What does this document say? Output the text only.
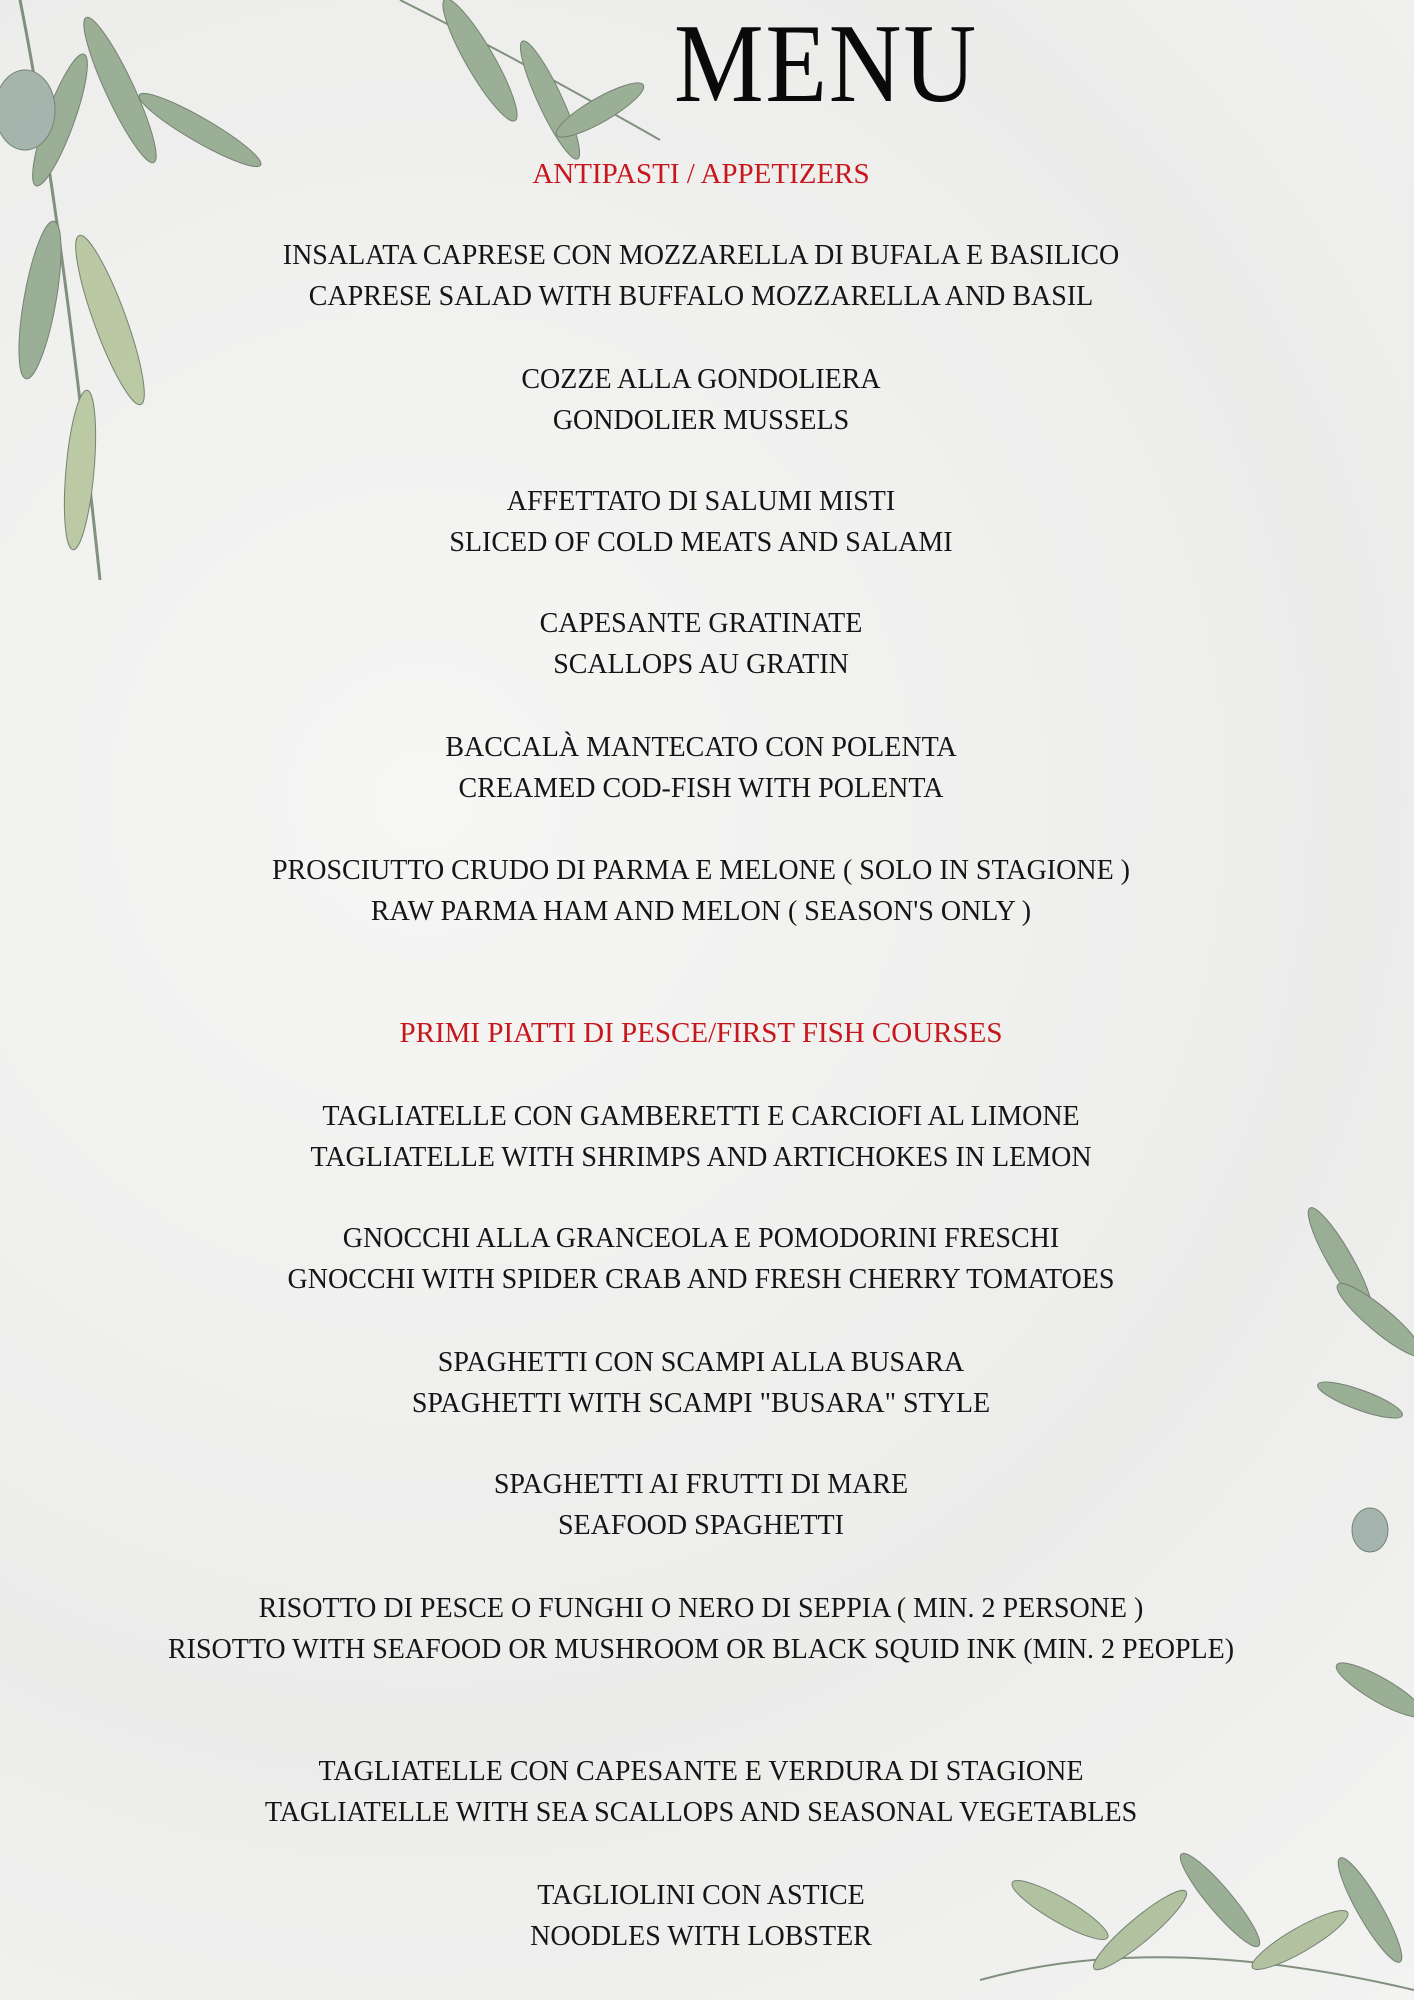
MENU
ANTIPASTI / APPETIZERS
INSALATA CAPRESE CON MOZZARELLA DI BUFALA E BASILICO
CAPRESE SALAD WITH BUFFALO MOZZARELLA AND BASIL
COZZE ALLA GONDOLIERA
GONDOLIER MUSSELS
AFFETTATO DI SALUMI MISTI
SLICED OF COLD MEATS AND SALAMI
CAPESANTE GRATINATE
SCALLOPS AU GRATIN
BACCALÀ MANTECATO CON POLENTA
CREAMED COD-FISH WITH POLENTA
PROSCIUTTO CRUDO DI PARMA E MELONE ( SOLO IN STAGIONE )
RAW PARMA HAM AND MELON ( SEASON'S ONLY )
PRIMI PIATTI DI PESCE/FIRST FISH COURSES
TAGLIATELLE CON GAMBERETTI E CARCIOFI AL LIMONE
TAGLIATELLE WITH SHRIMPS AND ARTICHOKES IN LEMON
GNOCCHI ALLA GRANCEOLA E POMODORINI FRESCHI
GNOCCHI WITH SPIDER CRAB AND FRESH CHERRY TOMATOES
SPAGHETTI CON SCAMPI ALLA BUSARA
SPAGHETTI WITH SCAMPI "BUSARA" STYLE
SPAGHETTI AI FRUTTI DI MARE
SEAFOOD SPAGHETTI
RISOTTO DI PESCE O FUNGHI O NERO DI SEPPIA ( MIN. 2 PERSONE )
RISOTTO WITH SEAFOOD OR MUSHROOM OR BLACK SQUID INK (MIN. 2 PEOPLE)
TAGLIATELLE CON CAPESANTE E VERDURA DI STAGIONE
TAGLIATELLE WITH SEA SCALLOPS AND SEASONAL VEGETABLES
TAGLIOLINI CON ASTICE
NOODLES WITH LOBSTER
